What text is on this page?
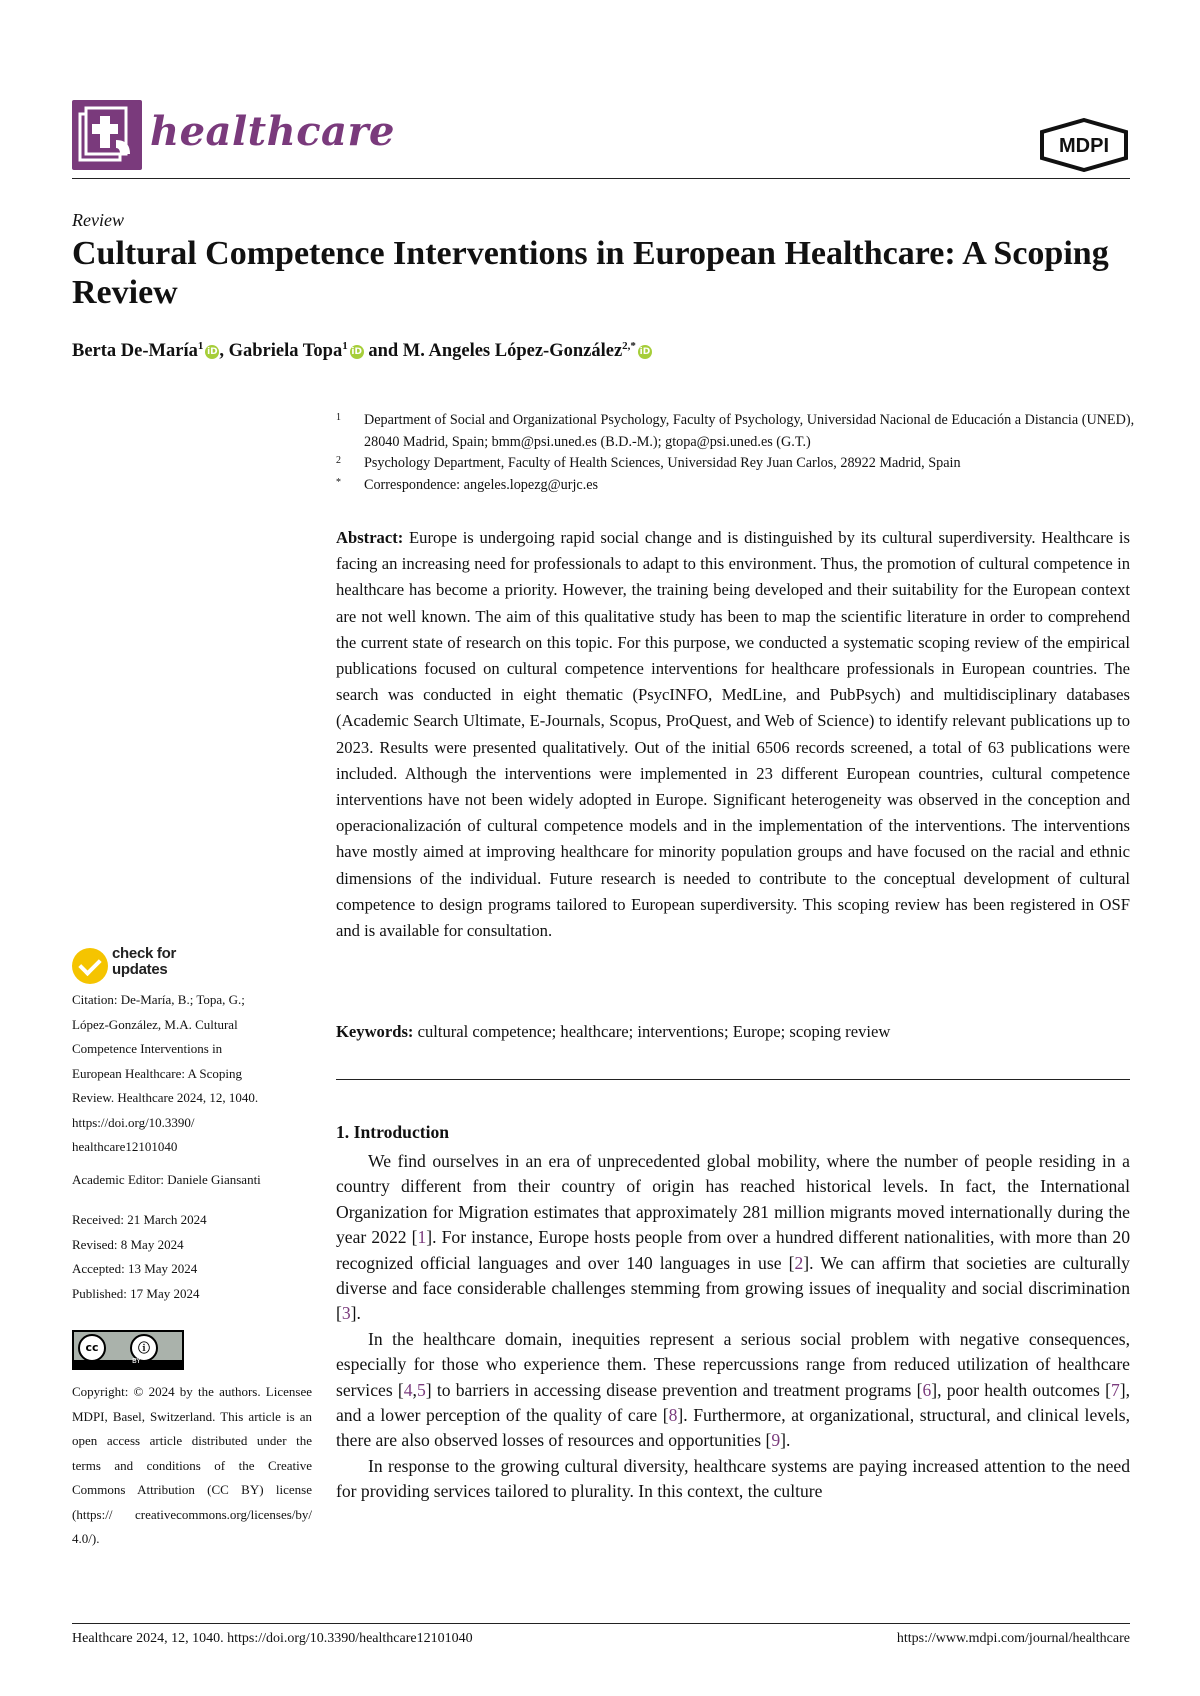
healthcare	MDPI
Review
Cultural Competence Interventions in European Healthcare: A Scoping Review
Berta De-María$^1$iD, Gabriela Topa$^1$iD and M. Angeles López-González$^{2,*}$iD
1 Department of Social and Organizational Psychology, Faculty of Psychology, Universidad Nacional de Educación a Distancia (UNED), 28040 Madrid, Spain; bmm@psi.uned.es (B.D.-M.); gtopa@psi.uned.es (G.T.)
2 Psychology Department, Faculty of Health Sciences, Universidad Rey Juan Carlos, 28922 Madrid, Spain
* Correspondence: angeles.lopezg@urjc.es
Abstract: Europe is undergoing rapid social change and is distinguished by its cultural superdiversity. Healthcare is facing an increasing need for professionals to adapt to this environment. Thus, the promotion of cultural competence in healthcare has become a priority. However, the training being developed and their suitability for the European context are not well known. The aim of this qualitative study has been to map the scientific literature in order to comprehend the current state of research on this topic. For this purpose, we conducted a systematic scoping review of the empirical publications focused on cultural competence interventions for healthcare professionals in European countries. The search was conducted in eight thematic (PsycINFO, MedLine, and PubPsych) and multidisciplinary databases (Academic Search Ultimate, E-Journals, Scopus, ProQuest, and Web of Science) to identify relevant publications up to 2023. Results were presented qualitatively. Out of the initial 6506 records screened, a total of 63 publications were included. Although the interventions were implemented in 23 different European countries, cultural competence interventions have not been widely adopted in Europe. Significant heterogeneity was observed in the conception and operacionalización of cultural competence models and in the implementation of the interventions. The interventions have mostly aimed at improving healthcare for minority population groups and have focused on the racial and ethnic dimensions of the individual. Future research is needed to contribute to the conceptual development of cultural competence to design programs tailored to European superdiversity. This scoping review has been registered in OSF and is available for consultation.
Keywords: cultural competence; healthcare; interventions; Europe; scoping review
1. Introduction

We find ourselves in an era of unprecedented global mobility, where the number of people residing in a country different from their country of origin has reached historical levels. In fact, the International Organization for Migration estimates that approximately 281 million migrants moved internationally during the year 2022 [1]. For instance, Europe hosts people from over a hundred different nationalities, with more than 20 recognized official languages and over 140 languages in use [2]. We can affirm that societies are culturally diverse and face considerable challenges stemming from growing issues of inequality and social discrimination [3].

In the healthcare domain, inequities represent a serious social problem with negative consequences, especially for those who experience them. These repercussions range from reduced utilization of healthcare services [4,5] to barriers in accessing disease prevention and treatment programs [6], poor health outcomes [7], and a lower perception of the quality of care [8]. Furthermore, at organizational, structural, and clinical levels, there are also observed losses of resources and opportunities [9].

In response to the growing cultural diversity, healthcare systems are paying increased attention to the need for providing services tailored to plurality. In this context, the culture

check for updates
Citation: De-María, B.; Topa, G.;
López-González, M.A. Cultural
Competence Interventions in
European Healthcare: A Scoping
Review. Healthcare 2024, 12, 1040.
https://doi.org/10.3390/
healthcare12101040
Academic Editor: Daniele Giansanti
Received: 21 March 2024
Revised: 8 May 2024
Accepted: 13 May 2024
Published: 17 May 2024
cc	ⓘ
BY
Copyright: © 2024 by the authors. Licensee MDPI, Basel, Switzerland. This article is an open access article distributed under the terms and conditions of the Creative Commons Attribution (CC BY) license (https:// creativecommons.org/licenses/by/ 4.0/).
Healthcare 2024, 12, 1040. https://doi.org/10.3390/healthcare12101040	https://www.mdpi.com/journal/healthcare
